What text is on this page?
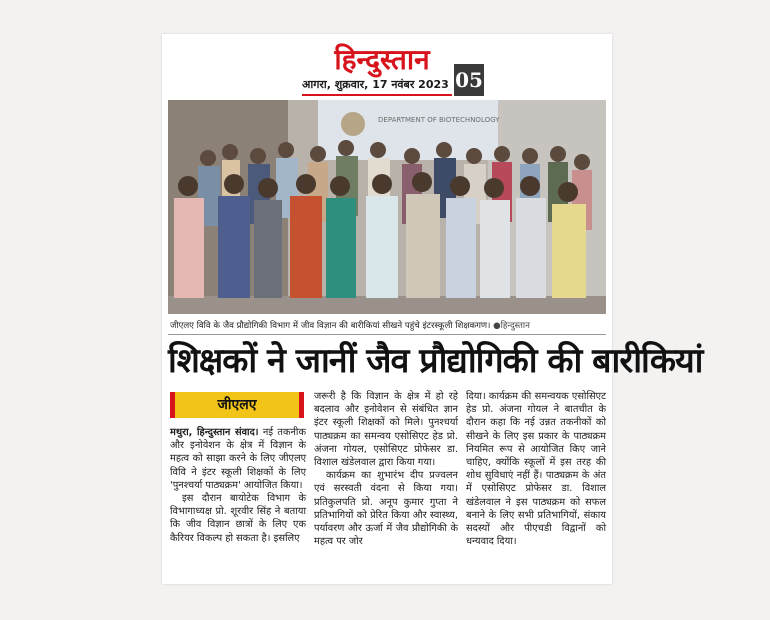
हिन्दुस्तान
आगरा, शुक्रवार, 17 नवंबर 2023 05
DEPARTMENT OF BIOTECHNOLOGY
जीएलए विवि के जैव प्रौद्योगिकी विभाग में जीव विज्ञान की बारीकियां सीखने पहुंचे इंटरस्कूली शिक्षकगण। ●हिन्दुस्तान
शिक्षकों ने जानीं जैव प्रौद्योगिकी की बारीकियां
जीएलए

मथुरा, हिन्दुस्तान संवाद। नई तकनीक और इनोवेशन के क्षेत्र में विज्ञान के महत्व को साझा करने के लिए जीएलए विवि ने इंटर स्कूली शिक्षकों के लिए 'पुनश्चर्या पाठ्यक्रम' आयोजित किया।

इस दौरान बायोटेक विभाग के विभागाध्यक्ष प्रो. शूरवीर सिंह ने बताया कि जीव विज्ञान छात्रों के लिए एक कैरियर विकल्प हो सकता है। इसलिए

जरूरी है कि विज्ञान के क्षेत्र में हो रहे बदलाव और इनोवेशन से संबंधित ज्ञान इंटर स्कूली शिक्षकों को मिले। पुनश्चर्या पाठ्यक्रम का समन्वय एसोसिएट हेड प्रो. अंजना गोयल, एसोसिएट प्रोफेसर डा. विशाल खंडेलवाल द्वारा किया गया।

कार्यक्रम का शुभारंभ दीप प्रज्वलन एवं सरस्वती वंदना से किया गया। प्रतिकुलपति प्रो. अनूप कुमार गुप्ता ने प्रतिभागियों को प्रेरित किया और स्वास्थ्य, पर्यावरण और ऊर्जा में जैव प्रौद्योगिकी के महत्व पर जोर

दिया। कार्यक्रम की समन्वयक एसोसिएट हेड प्रो. अंजना गोयल ने बातचीत के दौरान कहा कि नई उन्नत तकनीकों को सीखने के लिए इस प्रकार के पाठ्यक्रम नियमित रूप से आयोजित किए जाने चाहिए, क्योंकि स्कूलों में इस तरह की शोध सुविधाएं नहीं हैं। पाठ्यक्रम के अंत में एसोसिएट प्रोफेसर डा. विशाल खंडेलवाल ने इस पाठ्यक्रम को सफल बनाने के लिए सभी प्रतिभागियों, संकाय सदस्यों और पीएचडी विद्वानों को धन्यवाद दिया।
